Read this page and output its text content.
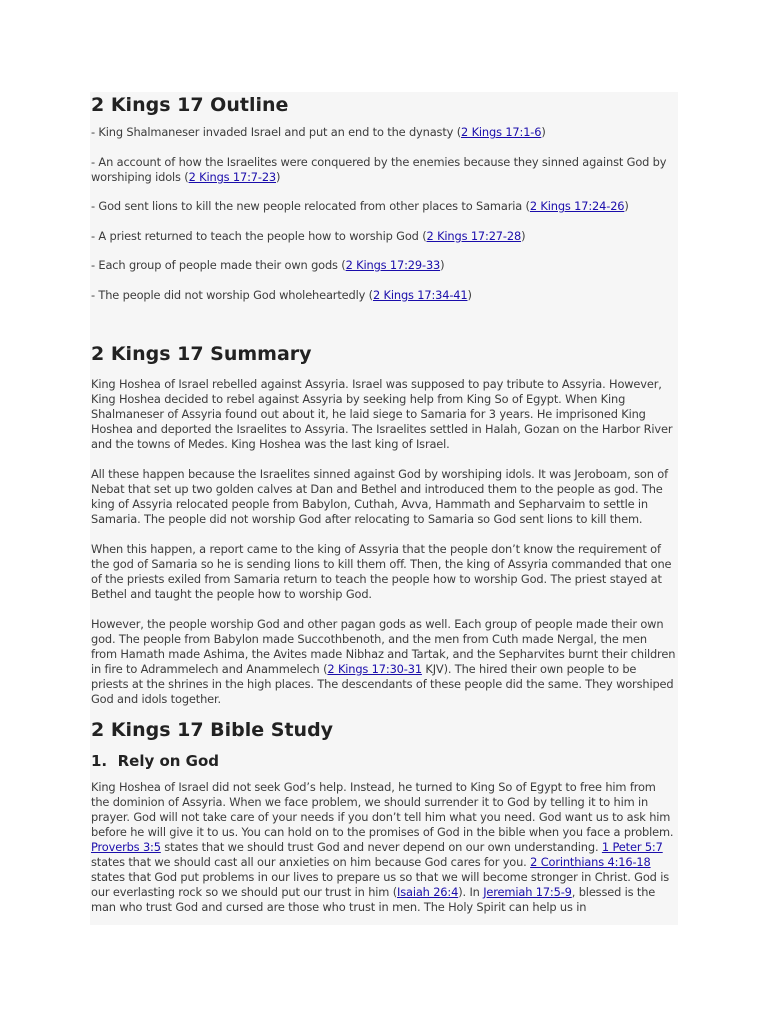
2 Kings 17 Outline

- King Shalmaneser invaded Israel and put an end to the dynasty (2 Kings 17:1-6)

- An account of how the Israelites were conquered by the enemies because they sinned against God by worshiping idols (2 Kings 17:7-23)

- God sent lions to kill the new people relocated from other places to Samaria (2 Kings 17:24-26)

- A priest returned to teach the people how to worship God (2 Kings 17:27-28)

- Each group of people made their own gods (2 Kings 17:29-33)

- The people did not worship God wholeheartedly (2 Kings 17:34-41)

2 Kings 17 Summary

King Hoshea of Israel rebelled against Assyria. Israel was supposed to pay tribute to Assyria. However, King Hoshea decided to rebel against Assyria by seeking help from King So of Egypt. When King Shalmaneser of Assyria found out about it, he laid siege to Samaria for 3 years. He imprisoned King Hoshea and deported the Israelites to Assyria. The Israelites settled in Halah, Gozan on the Harbor River and the towns of Medes. King Hoshea was the last king of Israel.

All these happen because the Israelites sinned against God by worshiping idols. It was Jeroboam, son of Nebat that set up two golden calves at Dan and Bethel and introduced them to the people as god. The king of Assyria relocated people from Babylon, Cuthah, Avva, Hammath and Sepharvaim to settle in Samaria. The people did not worship God after relocating to Samaria so God sent lions to kill them.

When this happen, a report came to the king of Assyria that the people don’t know the requirement of the god of Samaria so he is sending lions to kill them off. Then, the king of Assyria commanded that one of the priests exiled from Samaria return to teach the people how to worship God. The priest stayed at Bethel and taught the people how to worship God.

However, the people worship God and other pagan gods as well. Each group of people made their own god. The people from Babylon made Succothbenoth, and the men from Cuth made Nergal, the men from Hamath made Ashima, the Avites made Nibhaz and Tartak, and the Sepharvites burnt their children in fire to Adrammelech and Anammelech (2 Kings 17:30-31 KJV). The hired their own people to be priests at the shrines in the high places. The descendants of these people did the same. They worshiped God and idols together.

2 Kings 17 Bible Study
1. Rely on God

King Hoshea of Israel did not seek God’s help. Instead, he turned to King So of Egypt to free him from the dominion of Assyria. When we face problem, we should surrender it to God by telling it to him in prayer. God will not take care of your needs if you don’t tell him what you need. God want us to ask him before he will give it to us. You can hold on to the promises of God in the bible when you face a problem. Proverbs 3:5 states that we should trust God and never depend on our own understanding. 1 Peter 5:7 states that we should cast all our anxieties on him because God cares for you. 2 Corinthians 4:16-18 states that God put problems in our lives to prepare us so that we will become stronger in Christ. God is our everlasting rock so we should put our trust in him (Isaiah 26:4). In Jeremiah 17:5-9, blessed is the man who trust God and cursed are those who trust in men. The Holy Spirit can help us in
